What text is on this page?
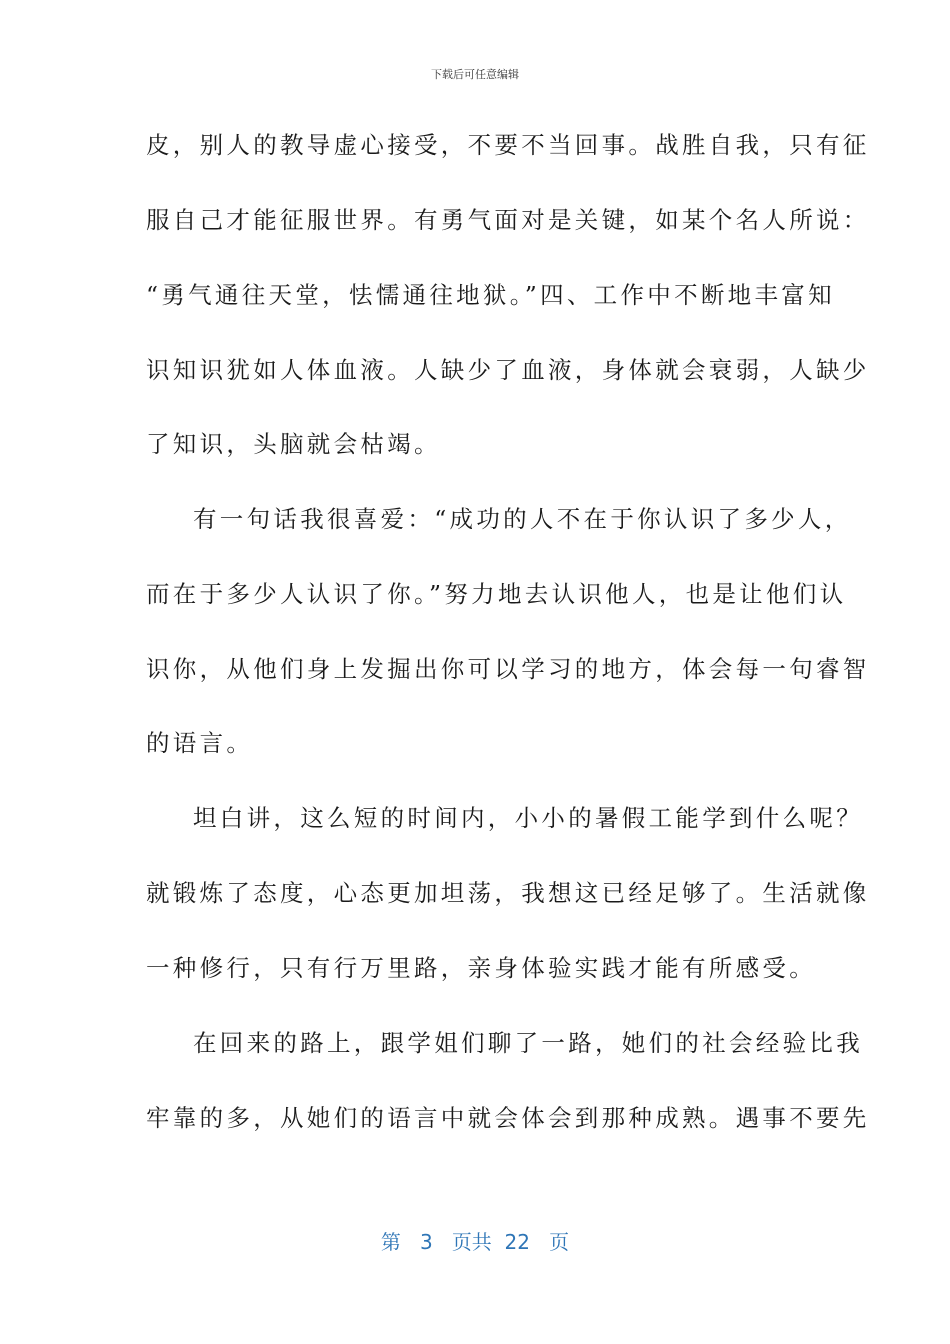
下载后可任意编辑
皮，别人的教导虚心接受，不要不当回事。战胜自我，只有征
服自己才能征服世界。有勇气面对是关键，如某个名人所说：
“勇气通往天堂，怯懦通往地狱。”四、工作中不断地丰富知
识知识犹如人体血液。人缺少了血液，身体就会衰弱，人缺少
了知识，头脑就会枯竭。
有一句话我很喜爱：“成功的人不在于你认识了多少人，
而在于多少人认识了你。”努力地去认识他人，也是让他们认
识你，从他们身上发掘出你可以学习的地方，体会每一句睿智
的语言。
坦白讲，这么短的时间内，小小的暑假工能学到什么呢？
就锻炼了态度，心态更加坦荡，我想这已经足够了。生活就像
一种修行，只有行万里路，亲身体验实践才能有所感受。
在回来的路上，跟学姐们聊了一路，她们的社会经验比我
牢靠的多，从她们的语言中就会体会到那种成熟。遇事不要先
第 3 页共 22 页
